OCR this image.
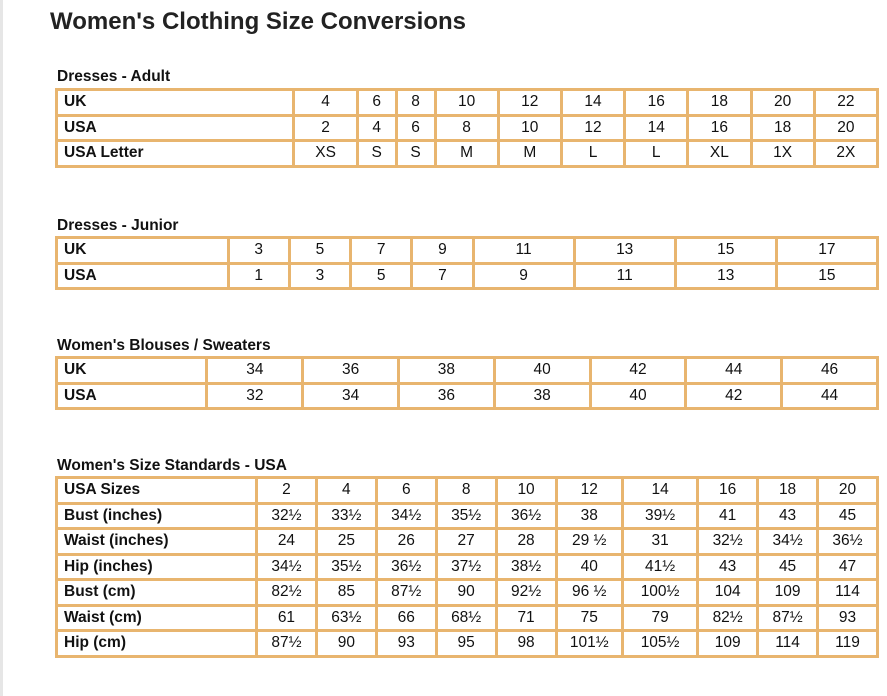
Women's Clothing Size Conversions
Dresses - Adult
UK	4	6	8	10	12	14	16	18	20	22
USA	2	4	6	8	10	12	14	16	18	20
USA Letter	XS	S	S	M	M	L	L	XL	1X	2X
Dresses - Junior
UK	3	5	7	9	11	13	15	17
USA	1	3	5	7	9	11	13	15
Women's Blouses / Sweaters
UK	34	36	38	40	42	44	46
USA	32	34	36	38	40	42	44
Women's Size Standards - USA
USA Sizes	2	4	6	8	10	12	14	16	18	20
Bust (inches)	32½	33½	34½	35½	36½	38	39½	41	43	45
Waist (inches)	24	25	26	27	28	29 ½	31	32½	34½	36½
Hip (inches)	34½	35½	36½	37½	38½	40	41½	43	45	47
Bust (cm)	82½	85	87½	90	92½	96 ½	100½	104	109	114
Waist (cm)	61	63½	66	68½	71	75	79	82½	87½	93
Hip (cm)	87½	90	93	95	98	101½	105½	109	114	119
